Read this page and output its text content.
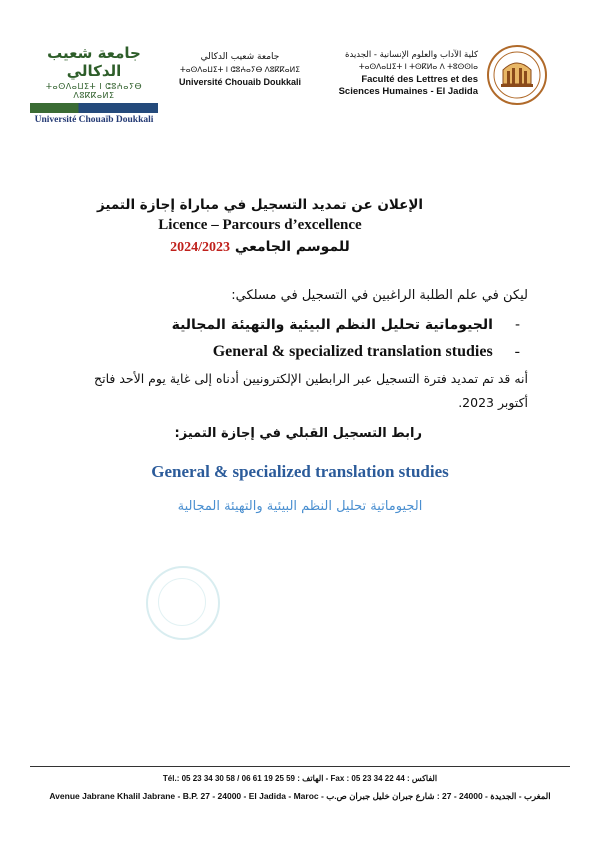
جامعة شعيب الدكالي
ⵜⴰⵙⴷⴰⵡⵉⵜ ⵏ ⵛⵓⵄⴰⵢⴱ ⴷⵓⴽⴽⴰⵍⵉ
Université Chouaïb Doukkali
جامعة شعيب الدكالي
ⵜⴰⵙⴷⴰⵡⵉⵜ ⵏ ⵛⵓⵄⴰⵢⴱ ⴷⵓⴽⴽⴰⵍⵉ
Université Chouaib Doukkali
كلية الآداب والعلوم الإنسانية - الجديدة
ⵜⴰⵙⴷⴰⵡⵉⵜ ⵏ ⵜⵙⴽⵍⴰ ⴷ ⵜⵓⵙⵙⵏⴰ
Faculté des Lettres et des
Sciences Humaines - El Jadida
الإعلان عن تمديد التسجيل في مباراة إجازة التميز
Licence – Parcours d’excellence
للموسم الجامعي 2024/2023
ليكن في علم الطلبة الراغبين في التسجيل في مسلكي:
-الجيوماتية تحليل النظم البيئية والتهيئة المجالية
-General & specialized translation studies
أنه قد تم تمديد فترة التسجيل عبر الرابطين الإلكترونيين أدناه إلى غاية يوم الأحد فاتح
أكتوبر 2023.
رابط التسجيل القبلي في إجازة التميز:
General & specialized translation studies
الجيوماتية تحليل النظم البيئية والتهيئة المجالية
Tél.: 05 23 34 30 58 / 06 61 19 25 59 : الهاتف - Fax : 05 23 34 22 44 : الفاكس
Avenue Jabrane Khalil Jabrane - B.P. 27 - 24000 - El Jadida - Maroc - المغرب - الجديدة - 24000 - 27 : شارع جبران خليل جبران ص.ب
